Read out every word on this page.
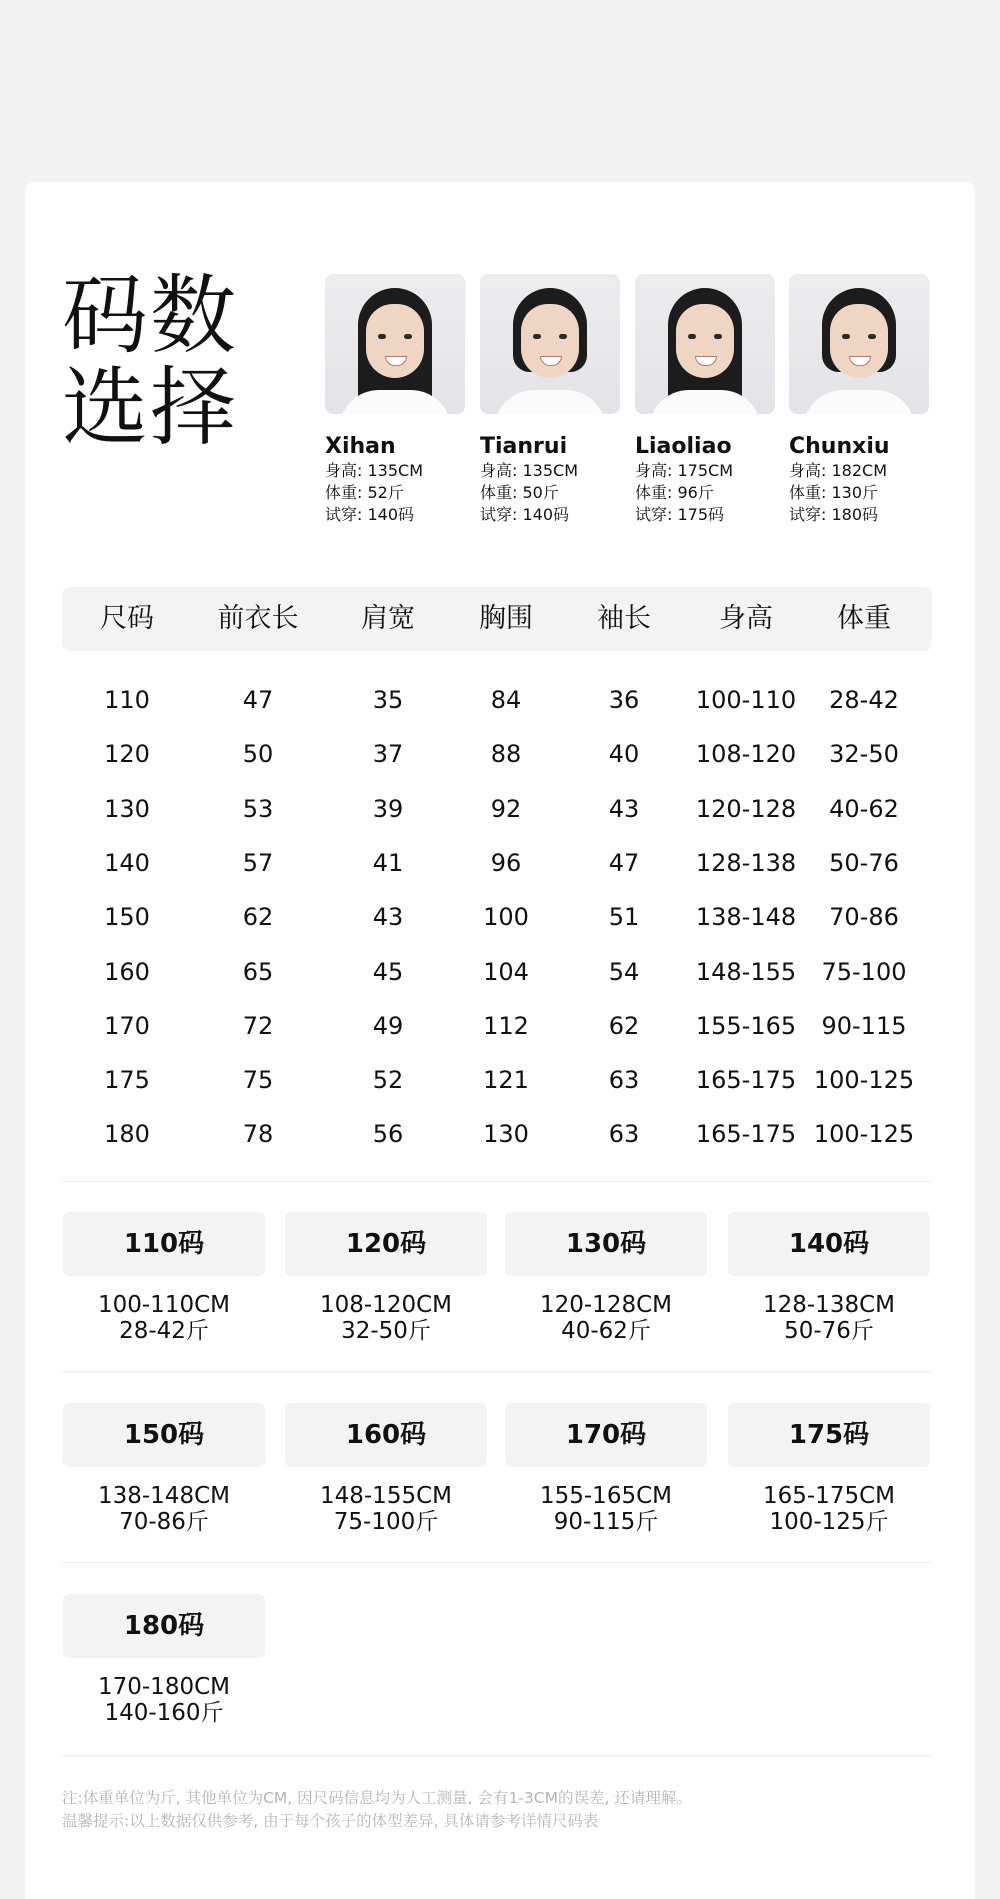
码数
选择	Xihan
身高: 135CM
体重: 52斤
试穿: 140码
Tianrui
身高: 135CM
体重: 50斤
试穿: 140码
Liaoliao
身高: 175CM
体重: 96斤
试穿: 175码
Chunxiu
身高: 182CM
体重: 130斤
试穿: 180码
尺码	前衣长	肩宽	胸围	袖长	身高	体重
110	47	35	84	36	100-110	28-42
120	50	37	88	40	108-120	32-50
130	53	39	92	43	120-128	40-62
140	57	41	96	47	128-138	50-76
150	62	43	100	51	138-148	70-86
160	65	45	104	54	148-155	75-100
170	72	49	112	62	155-165	90-115
175	75	52	121	63	165-175 100-125
180	78	56	130	63	165-175 100-125
110码
100-110CM
28-42斤
120码
108-120CM
32-50斤
130码
120-128CM
40-62斤
140码
128-138CM
50-76斤
150码
138-148CM
70-86斤
160码
148-155CM
75-100斤
170码
155-165CM
90-115斤
175码
165-175CM
100-125斤
180码
170-180CM
140-160斤
注:体重单位为斤, 其他单位为CM, 因尺码信息均为人工测量, 会有1-3CM的误差, 还请理解。
温馨提示:以上数据仅供参考, 由于每个孩子的体型差异, 具体请参考详情尺码表
